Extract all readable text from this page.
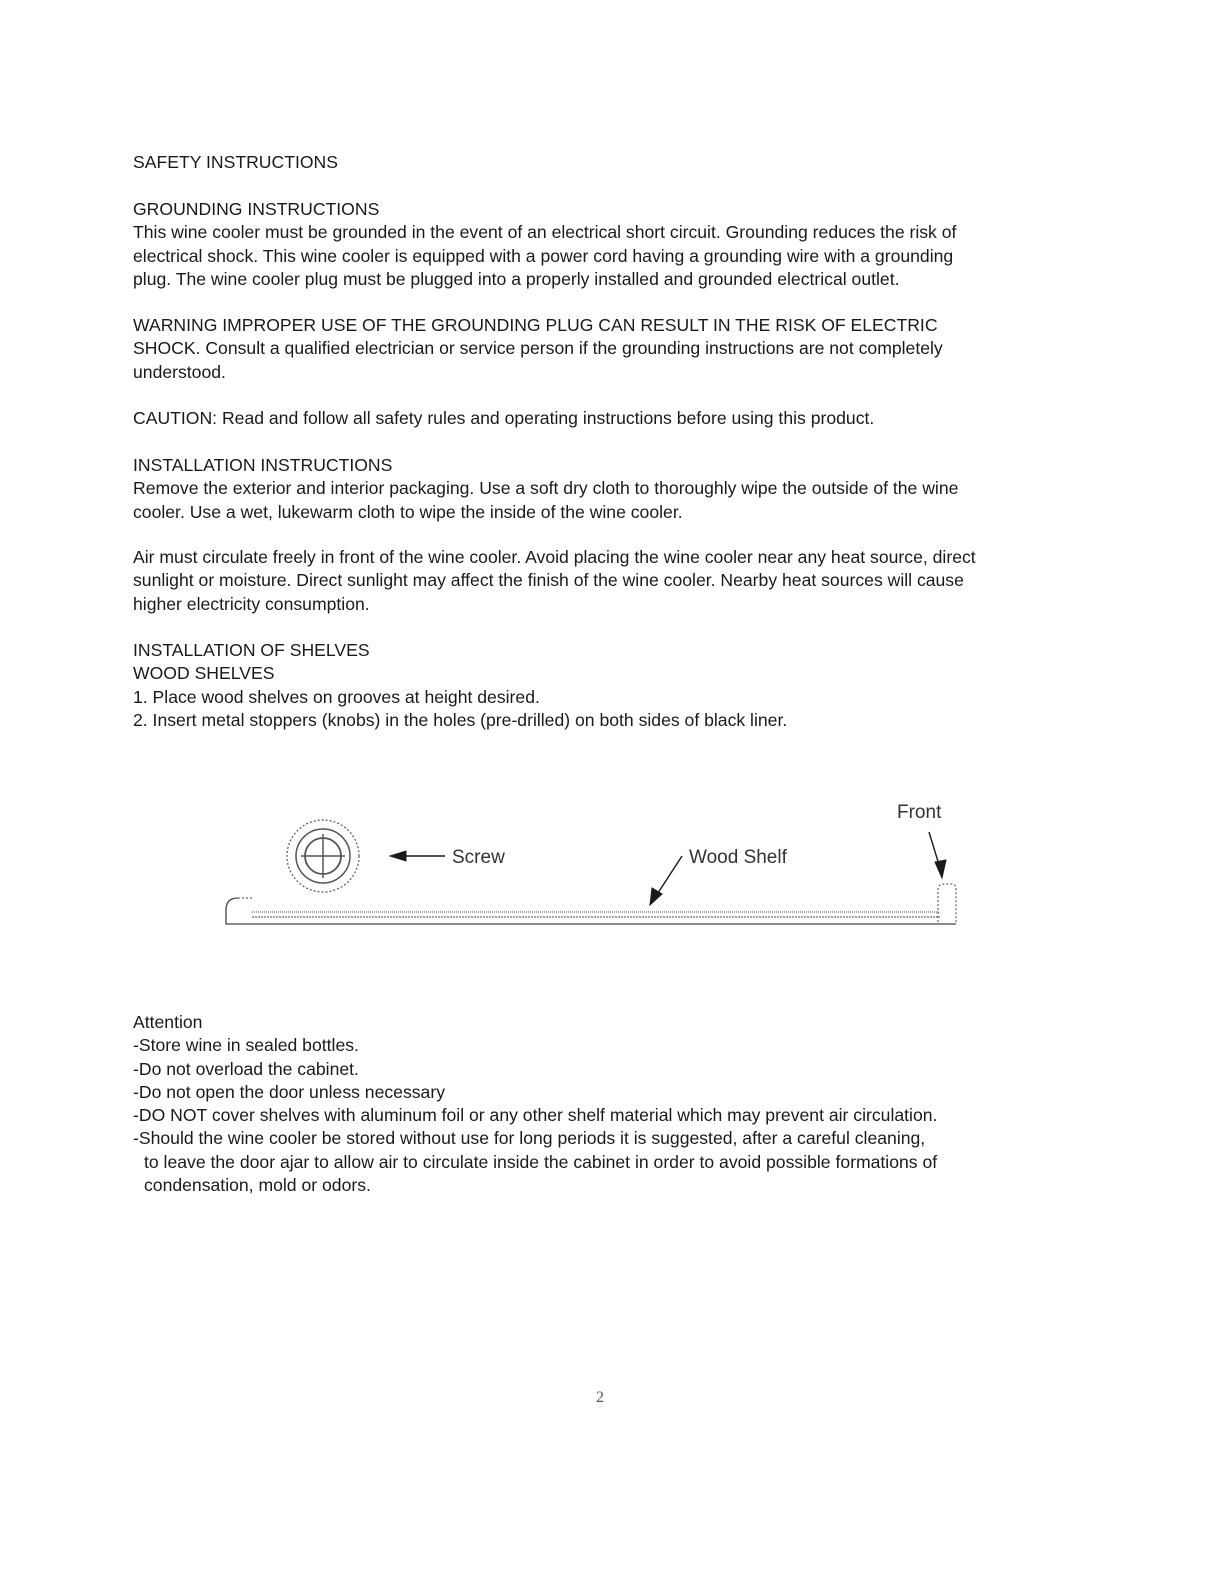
SAFETY INSTRUCTIONS

GROUNDING INSTRUCTIONS

This wine cooler must be grounded in the event of an electrical short circuit. Grounding reduces the risk of

electrical shock. This wine cooler is equipped with a power cord having a grounding wire with a grounding

plug. The wine cooler plug must be plugged into a properly installed and grounded electrical outlet.

WARNING IMPROPER USE OF THE GROUNDING PLUG CAN RESULT IN THE RISK OF ELECTRIC

SHOCK. Consult a qualified electrician or service person if the grounding instructions are not completely

understood.

CAUTION: Read and follow all safety rules and operating instructions before using this product.

INSTALLATION INSTRUCTIONS

Remove the exterior and interior packaging. Use a soft dry cloth to thoroughly wipe the outside of the wine

cooler. Use a wet, lukewarm cloth to wipe the inside of the wine cooler.

Air must circulate freely in front of the wine cooler. Avoid placing the wine cooler near any heat source, direct

sunlight or moisture. Direct sunlight may affect the finish of the wine cooler. Nearby heat sources will cause

higher electricity consumption.

INSTALLATION OF SHELVES

WOOD SHELVES

1. Place wood shelves on grooves at height desired.

2. Insert metal stoppers (knobs) in the holes (pre-drilled) on both sides of black liner.

Screw	Wood Shelf
Front

Attention

-Store wine in sealed bottles.

-Do not overload the cabinet.

-Do not open the door unless necessary

-DO NOT cover shelves with aluminum foil or any other shelf material which may prevent air circulation.

-Should the wine cooler be stored without use for long periods it is suggested, after a careful cleaning,

to leave the door ajar to allow air to circulate inside the cabinet in order to avoid possible formations of

condensation, mold or odors.

2
